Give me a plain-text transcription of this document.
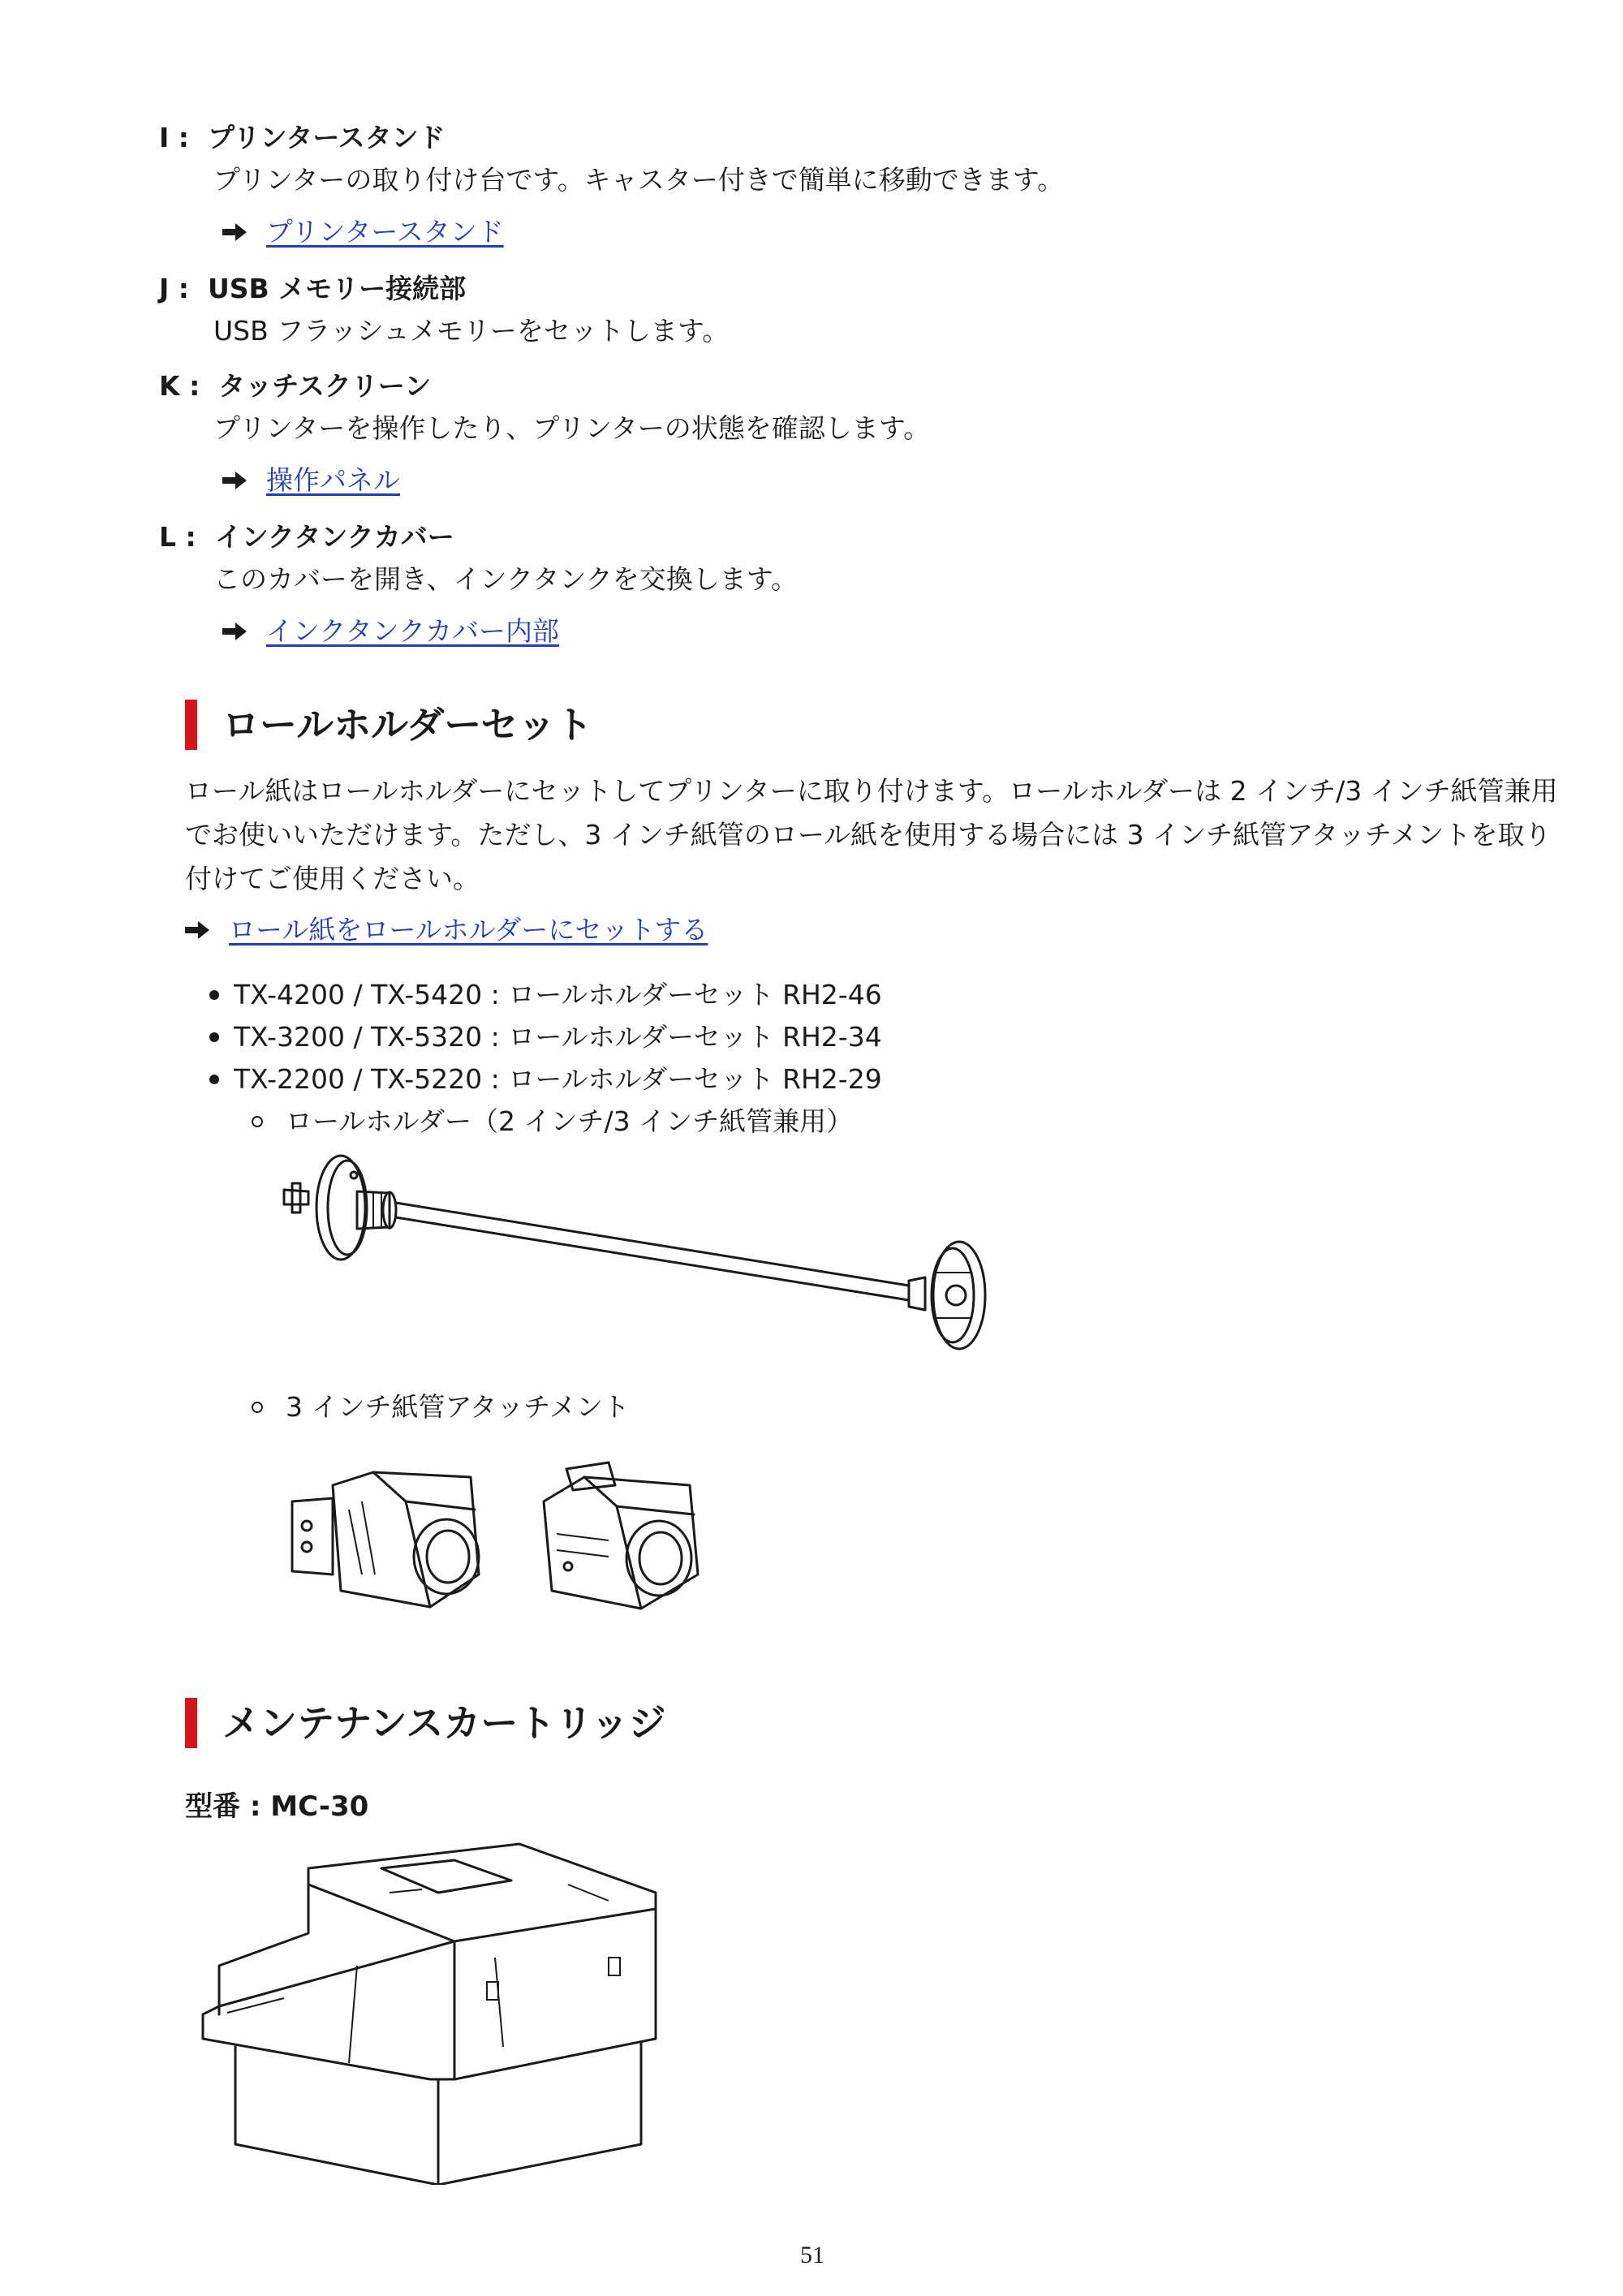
I :  プリンタースタンド
プリンターの取り付け台です。キャスター付きで簡単に移動できます。
プリンタースタンド
J :  USB メモリー接続部
USB フラッシュメモリーをセットします。
K :  タッチスクリーン
プリンターを操作したり、プリンターの状態を確認します。
操作パネル
L :  インクタンクカバー
このカバーを開き、インクタンクを交換します。
インクタンクカバー内部
ロールホルダーセット
ロール紙はロールホルダーにセットしてプリンターに取り付けます。ロールホルダーは 2 インチ/3 インチ紙管兼用でお使いいただけます。ただし、3 インチ紙管のロール紙を使用する場合には 3 インチ紙管アタッチメントを取り付けてご使用ください。
ロール紙をロールホルダーにセットする
TX-4200 / TX-5420 : ロールホルダーセット RH2-46
TX-3200 / TX-5320 : ロールホルダーセット RH2-34
TX-2200 / TX-5220 : ロールホルダーセット RH2-29
ロールホルダー（2 インチ/3 インチ紙管兼用）
3 インチ紙管アタッチメント
メンテナンスカートリッジ
型番 : MC-30
51
